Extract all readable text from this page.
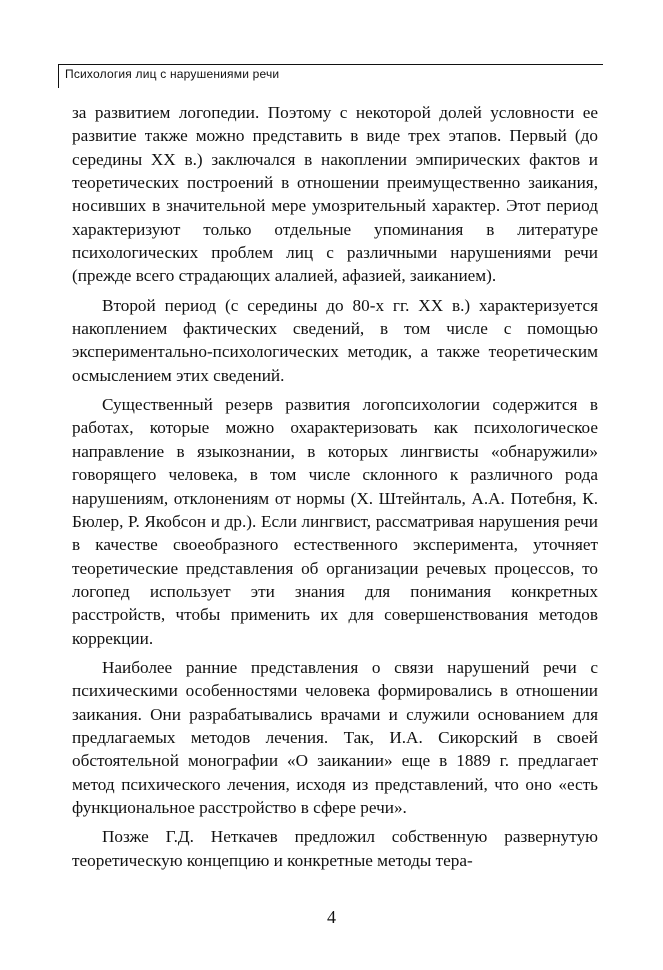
Психология лиц с нарушениями речи

за развитием логопедии. Поэтому с некоторой долей условности ее развитие также можно представить в виде трех этапов. Первый (до середины XX в.) заключался в накоплении эмпирических фактов и теоретических построений в отношении преимущественно заикания, носивших в значительной мере умозрительный характер. Этот период характеризуют только отдельные упоминания в литературе психологических проблем лиц с различными нарушениями речи (прежде всего страдающих алалией, афазией, заиканием).

Второй период (с середины до 80-х гг. XX в.) характеризуется накоплением фактических сведений, в том числе с помощью экспериментально-психологических методик, а также теоретическим осмыслением этих сведений.

Существенный резерв развития логопсихологии содержится в работах, которые можно охарактеризовать как психологическое направление в языкознании, в которых лингвисты «обнаружили» говорящего человека, в том числе склонного к различного рода нарушениям, отклонениям от нормы (Х. Штейнталь, А.А. Потебня, К. Бюлер, Р. Якобсон и др.). Если лингвист, рассматривая нарушения речи в качестве своеобразного естественного эксперимента, уточняет теоретические представления об организации речевых процессов, то логопед использует эти знания для понимания конкретных расстройств, чтобы применить их для совершенствования методов коррекции.

Наиболее ранние представления о связи нарушений речи с психическими особенностями человека формировались в отношении заикания. Они разрабатывались врачами и служили основанием для предлагаемых методов лечения. Так, И.А. Сикорский в своей обстоятельной монографии «О заикании» еще в 1889 г. предлагает метод психического лечения, исходя из представлений, что оно «есть функциональное расстройство в сфере речи».

Позже Г.Д. Неткачев предложил собственную развернутую теоретическую концепцию и конкретные методы тера-

4
